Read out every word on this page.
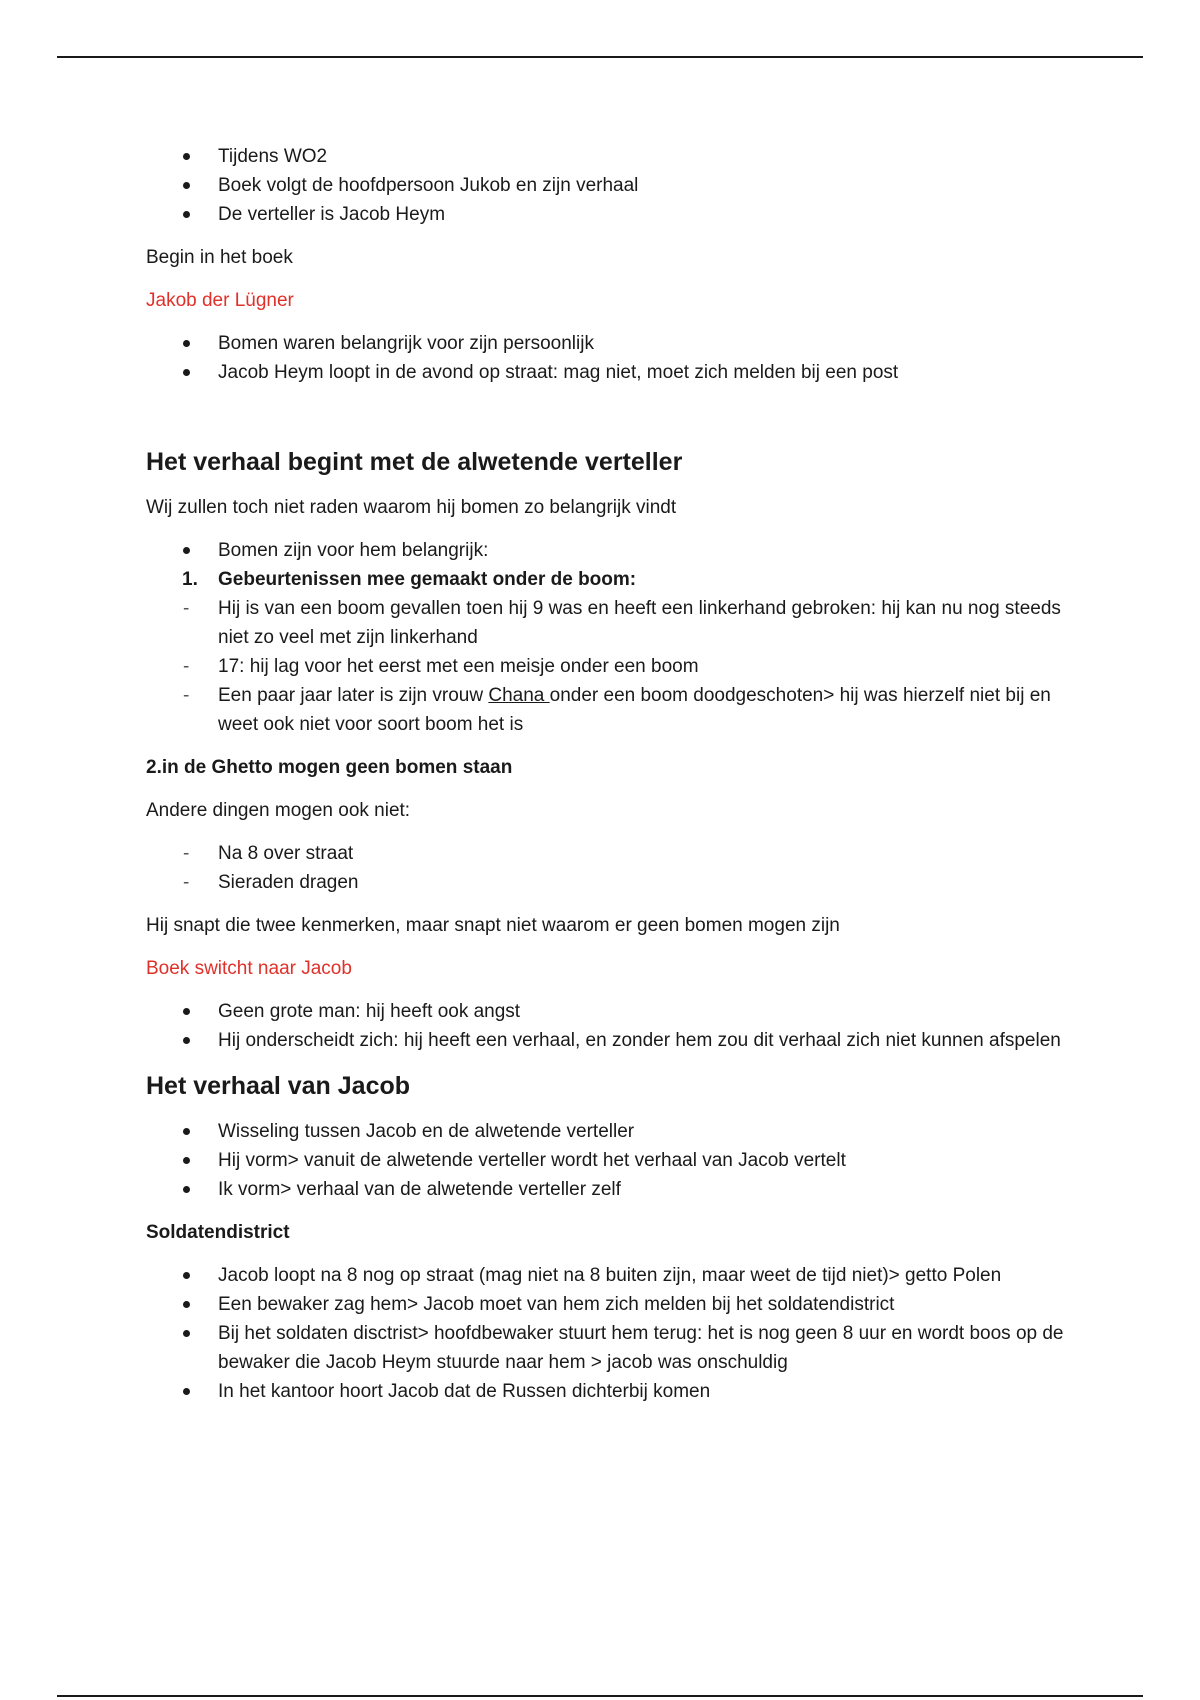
Tijdens WO2
Boek volgt de hoofdpersoon Jukob en zijn verhaal
De verteller is Jacob Heym

Begin in het boek

Jakob der Lügner

Bomen waren belangrijk voor zijn persoonlijk
Jacob Heym loopt in de avond op straat: mag niet, moet zich melden bij een post
Het verhaal begint met de alwetende verteller

Wij zullen toch niet raden waarom hij bomen zo belangrijk vindt

Bomen zijn voor hem belangrijk:
1.	Gebeurtenissen mee gemaakt onder de boom:
-	Hij is van een boom gevallen toen hij 9 was en heeft een linkerhand gebroken: hij kan nu nog steeds niet zo veel met zijn linkerhand
-	17: hij lag voor het eerst met een meisje onder een boom
-	Een paar jaar later is zijn vrouw Chana onder een boom doodgeschoten> hij was hierzelf niet bij en weet ook niet voor soort boom het is

2.in de Ghetto mogen geen bomen staan

Andere dingen mogen ook niet:

-	Na 8 over straat
-	Sieraden dragen

Hij snapt die twee kenmerken, maar snapt niet waarom er geen bomen mogen zijn

Boek switcht naar Jacob

Geen grote man: hij heeft ook angst
Hij onderscheidt zich: hij heeft een verhaal, en zonder hem zou dit verhaal zich niet kunnen afspelen
Het verhaal van Jacob
Wisseling tussen Jacob en de alwetende verteller
Hij vorm> vanuit de alwetende verteller wordt het verhaal van Jacob vertelt
Ik vorm> verhaal van de alwetende verteller zelf

Soldatendistrict

Jacob loopt na 8 nog op straat (mag niet na 8 buiten zijn, maar weet de tijd niet)> getto Polen
Een bewaker zag hem> Jacob moet van hem zich melden bij het soldatendistrict
Bij het soldaten disctrist> hoofdbewaker stuurt hem terug: het is nog geen 8 uur en wordt boos op de bewaker die Jacob Heym stuurde naar hem > jacob was onschuldig
In het kantoor hoort Jacob dat de Russen dichterbij komen
